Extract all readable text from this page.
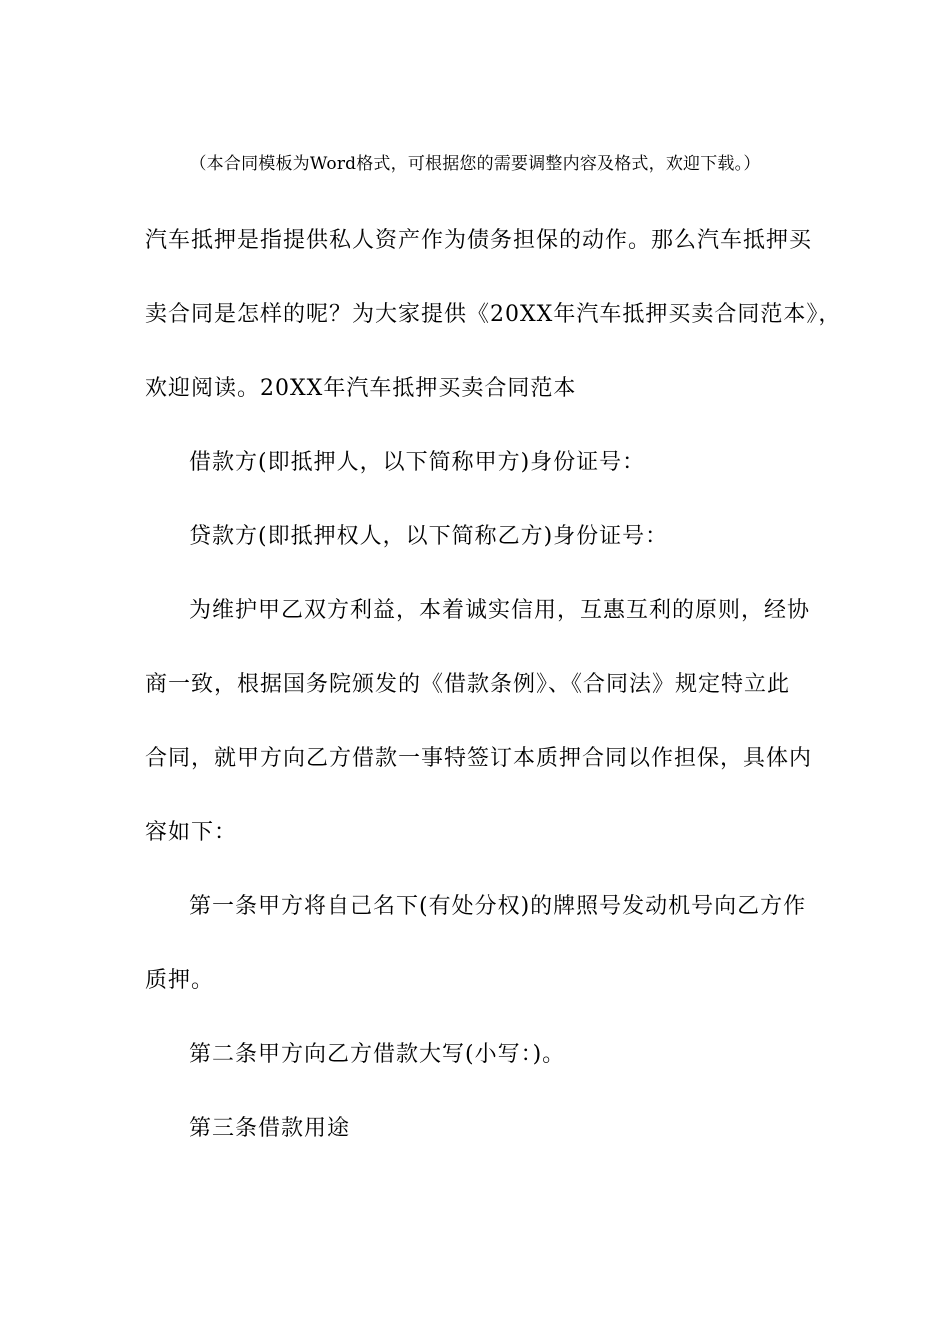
（本合同模板为Word格式，可根据您的需要调整内容及格式，欢迎下载。）
汽车抵押是指提供私人资产作为债务担保的动作。那么汽车抵押买
卖合同是怎样的呢？为大家提供《20XX年汽车抵押买卖合同范本》，
欢迎阅读。20XX年汽车抵押买卖合同范本
借款方(即抵押人，以下简称甲方)身份证号：
贷款方(即抵押权人，以下简称乙方)身份证号：
为维护甲乙双方利益，本着诚实信用，互惠互利的原则，经协
商一致，根据国务院颁发的《借款条例》、《合同法》规定特立此
合同，就甲方向乙方借款一事特签订本质押合同以作担保，具体内
容如下：
第一条甲方将自己名下(有处分权)的牌照号发动机号向乙方作
质押。
第二条甲方向乙方借款大写(小写：)。
第三条借款用途
